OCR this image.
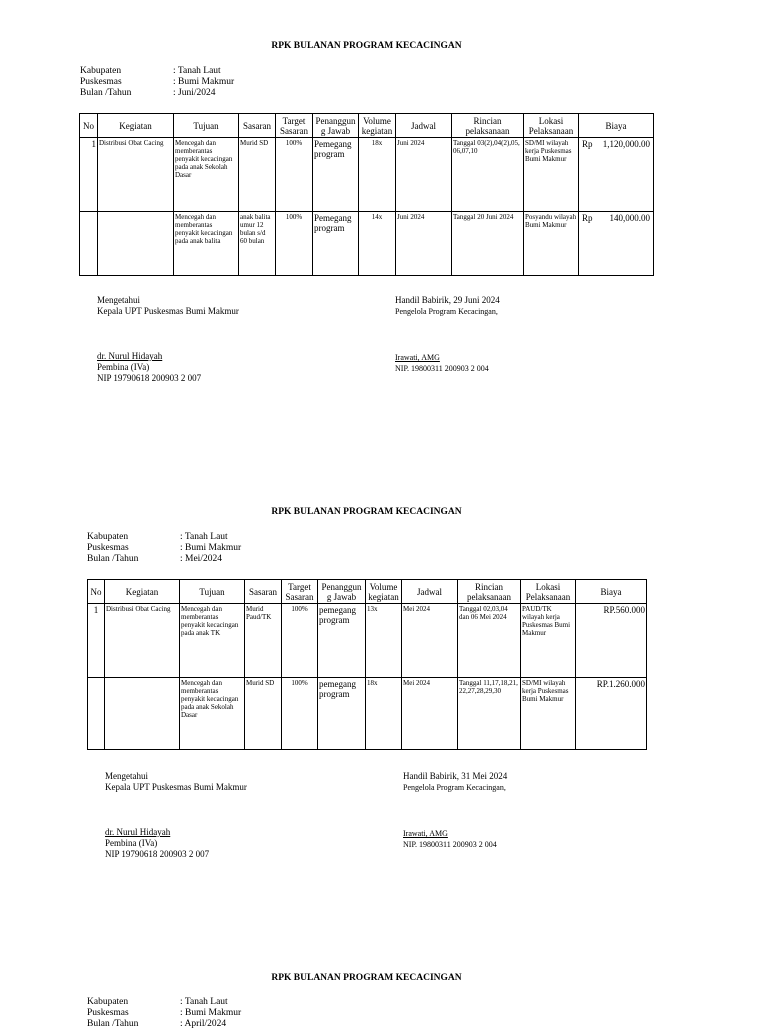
RPK BULANAN PROGRAM KECACINGAN
Kabupaten	: Tanah Laut
Puskesmas	: Bumi Makmur
Bulan /Tahun	: Juni/2024
No	Kegiatan	Tujuan	Sasaran	Target Sasaran	Penanggun g Jawab	Volume kegiatan	Jadwal	Rincian pelaksanaan	Lokasi Pelaksanaan	Biaya
1	Distribusi Obat Cacing	Mencegah dan memberantas penyakit kecacingan pada anak Sekolah Dasar	Murid SD	100%	Pemegang program	18x	Juni 2024	Tanggal 03(2),04(2),05,06,07,10	SD/MI wilayah kerja Puskesmas Bumi Makmur	Rp 1,120,000.00

		Mencegah dan memberantas penyakit kecacingan pada anak balita	anak balita umur 12 bulan s/d 60 bulan	100%	Pemegang program	14x	Juni 2024	Tanggal 20 Juni 2024	Posyandu wilayah Bumi Makmur	Rp 140,000.00
Mengetahui
Kepala UPT Puskesmas Bumi Makmur
dr. Nurul Hidayah
Pembina (IVa)
NIP 19790618 200903 2 007
Handil Babirik, 29 Juni 2024
Pengelola Program Kecacingan,
Irawati, AMG
NIP. 19800311 200903 2 004
RPK BULANAN PROGRAM KECACINGAN
Kabupaten	: Tanah Laut
Puskesmas	: Bumi Makmur
Bulan /Tahun	: Mei/2024
No	Kegiatan	Tujuan	Sasaran	Target Sasaran	Penanggun g Jawab	Volume kegiatan	Jadwal	Rincian pelaksanaan	Lokasi Pelaksanaan	Biaya
1	Distribusi Obat Cacing	Mencegah dan memberantas penyakit kecacingan pada anak TK	Murid Paud/TK	100%	pemegang program	13x	Mei 2024	Tanggal 02,03,04 dan 06 Mei 2024	PAUD/TK wilayah kerja Puskesmas Bumi Makmur	RP.560.000
		Mencegah dan memberantas penyakit kecacingan pada anak Sekolah Dasar	Murid SD	100%	pemegang program	18x	Mei 2024	Tanggal 11,17,18,21,22,27,28,29,30	SD/MI wilayah kerja Puskesmas Bumi Makmur	RP.1.260.000
Mengetahui
Kepala UPT Puskesmas Bumi Makmur
dr. Nurul Hidayah
Pembina (IVa)
NIP 19790618 200903 2 007
Handil Babirik, 31 Mei 2024
Pengelola Program Kecacingan,
Irawati, AMG
NIP. 19800311 200903 2 004
RPK BULANAN PROGRAM KECACINGAN
Kabupaten	: Tanah Laut
Puskesmas	: Bumi Makmur
Bulan /Tahun	: April/2024
